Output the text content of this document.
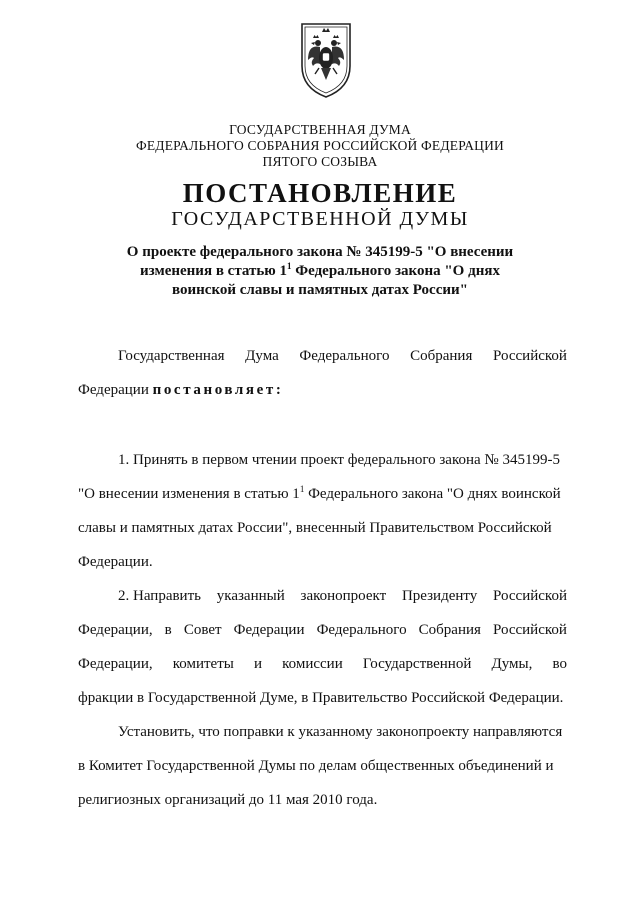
ГОСУДАРСТВЕННАЯ ДУМА
ФЕДЕРАЛЬНОГО СОБРАНИЯ РОССИЙСКОЙ ФЕДЕРАЦИИ
ПЯТОГО СОЗЫВА
ПОСТАНОВЛЕНИЕ
ГОСУДАРСТВЕННОЙ ДУМЫ
О проекте федерального закона № 345199-5 "О внесении
изменения в статью $1^1$ Федерального закона "О днях
воинской славы и памятных датах России"
Государственная Дума Федерального Собрания Российской
Федерации постановляет:
1. Принять в первом чтении проект федерального закона № 345199-5
"О внесении изменения в статью $1^1$ Федерального закона "О днях воинской
славы и памятных датах России", внесенный Правительством Российской
Федерации.
2. Направить указанный законопроект Президенту Российской
Федерации, в Совет Федерации Федерального Собрания Российской
Федерации, комитеты и комиссии Государственной Думы, во
фракции в Государственной Думе, в Правительство Российской Федерации.
Установить, что поправки к указанному законопроекту направляются
в Комитет Государственной Думы по делам общественных объединений и
религиозных организаций до 11 мая 2010 года.
